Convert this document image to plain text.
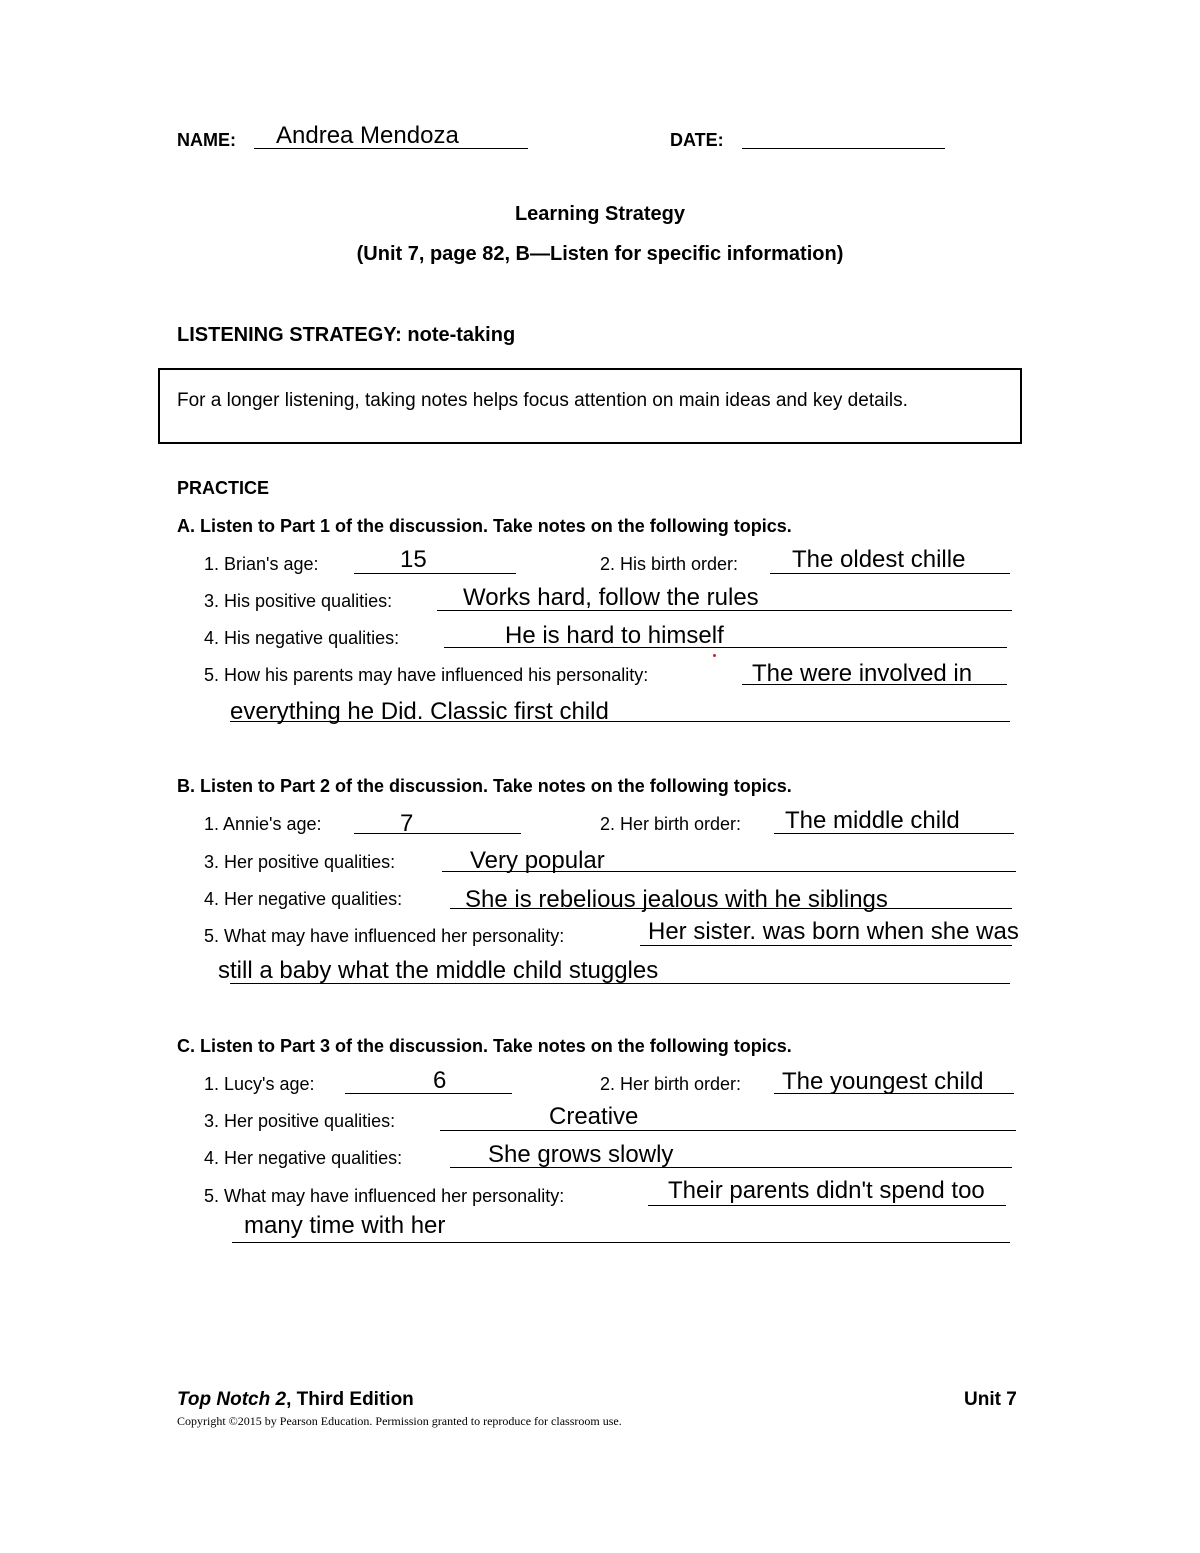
NAME: Andrea Mendoza	DATE:
Learning Strategy
(Unit 7, page 82, B—Listen for specific information)
LISTENING STRATEGY: note-taking
For a longer listening, taking notes helps focus attention on main ideas and key details.
PRACTICE
A. Listen to Part 1 of the discussion. Take notes on the following topics.
1. Brian's age:	15	2. His birth order: The oldest chille
3. His positive qualities:	Works hard, follow the rules
4. His negative qualities:	He is hard to himself
5. How his parents may have influenced his personality:	The were involved in
everything he Did. Classic first child
B. Listen to Part 2 of the discussion. Take notes on the following topics.
1. Annie's age:	7	2. Her birth order: The middle child
3. Her positive qualities:	Very popular
4. Her negative qualities:	She is rebelious jealous with he siblings
5. What may have influenced her personality:	Her sister. was born when she was
still a baby what the middle child stuggles
C. Listen to Part 3 of the discussion. Take notes on the following topics.
1. Lucy's age:	6	2. Her birth order: The youngest child
3. Her positive qualities:	Creative
4. Her negative qualities:	She grows slowly
5. What may have influenced her personality:	Their parents didn't spend too
many time with her
Top Notch 2, Third Edition	Unit 7
Copyright ©2015 by Pearson Education. Permission granted to reproduce for classroom use.
